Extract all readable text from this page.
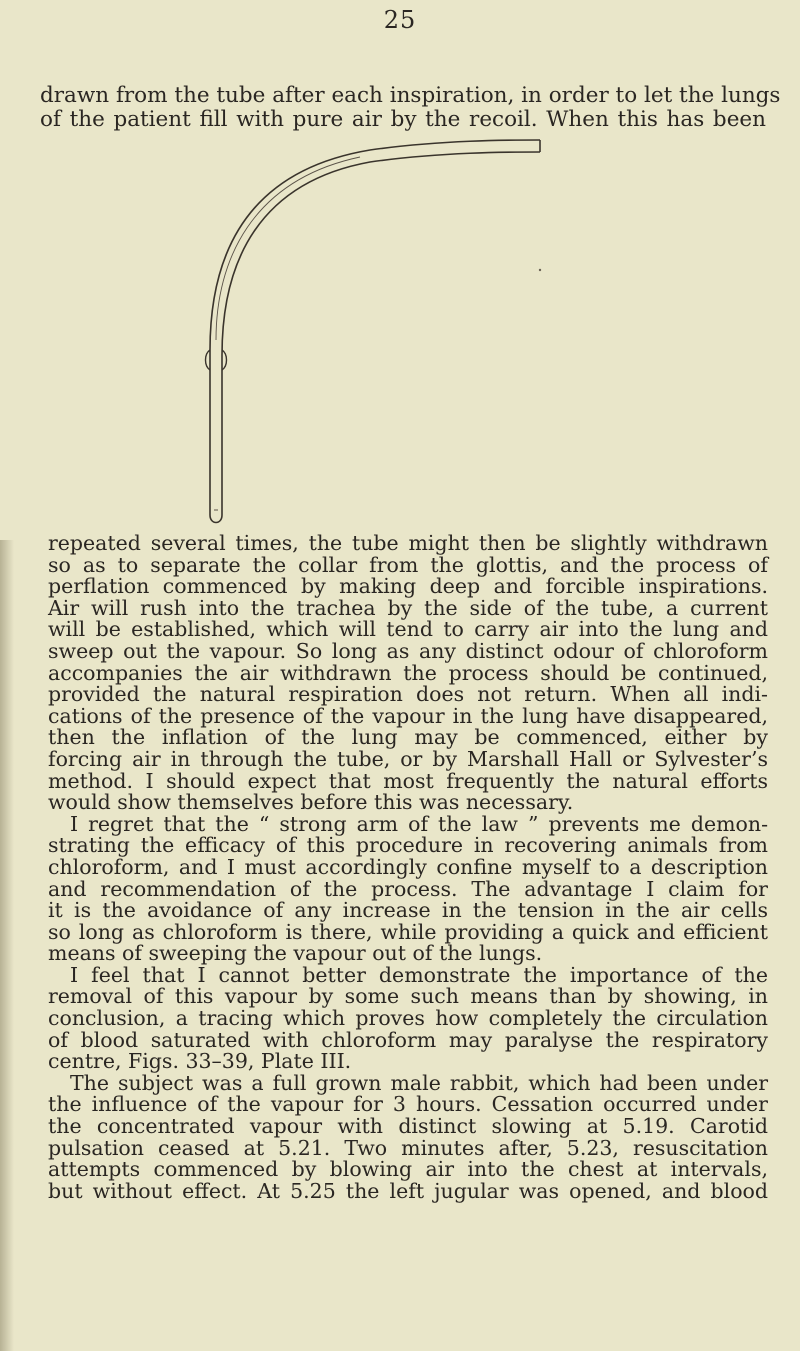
25
drawn from the tube after each inspiration, in order to let the lungs
of the patient fill with pure air by the recoil. When this has been
repeated several times, the tube might then be slightly withdrawn
so as to separate the collar from the glottis, and the process of
perflation commenced by making deep and forcible inspirations.
Air will rush into the trachea by the side of the tube, a current
will be established, which will tend to carry air into the lung and
sweep out the vapour. So long as any distinct odour of chloroform
accompanies the air withdrawn the process should be continued,
provided the natural respiration does not return. When all indi-
cations of the presence of the vapour in the lung have disappeared,
then the inflation of the lung may be commenced, either by
forcing air in through the tube, or by Marshall Hall or Sylvester’s
method. I should expect that most frequently the natural efforts
would show themselves before this was necessary.
I regret that the “ strong arm of the law ” prevents me demon-
strating the efficacy of this procedure in recovering animals from
chloroform, and I must accordingly confine myself to a description
and recommendation of the process. The advantage I claim for
it is the avoidance of any increase in the tension in the air cells
so long as chloroform is there, while providing a quick and efficient
means of sweeping the vapour out of the lungs.
I feel that I cannot better demonstrate the importance of the
removal of this vapour by some such means than by showing, in
conclusion, a tracing which proves how completely the circulation
of blood saturated with chloroform may paralyse the respiratory
centre, Figs. 33–39, Plate III.
The subject was a full grown male rabbit, which had been under
the influence of the vapour for 3 hours. Cessation occurred under
the concentrated vapour with distinct slowing at 5.19. Carotid
pulsation ceased at 5.21. Two minutes after, 5.23, resuscitation
attempts commenced by blowing air into the chest at intervals,
but without effect. At 5.25 the left jugular was opened, and blood
